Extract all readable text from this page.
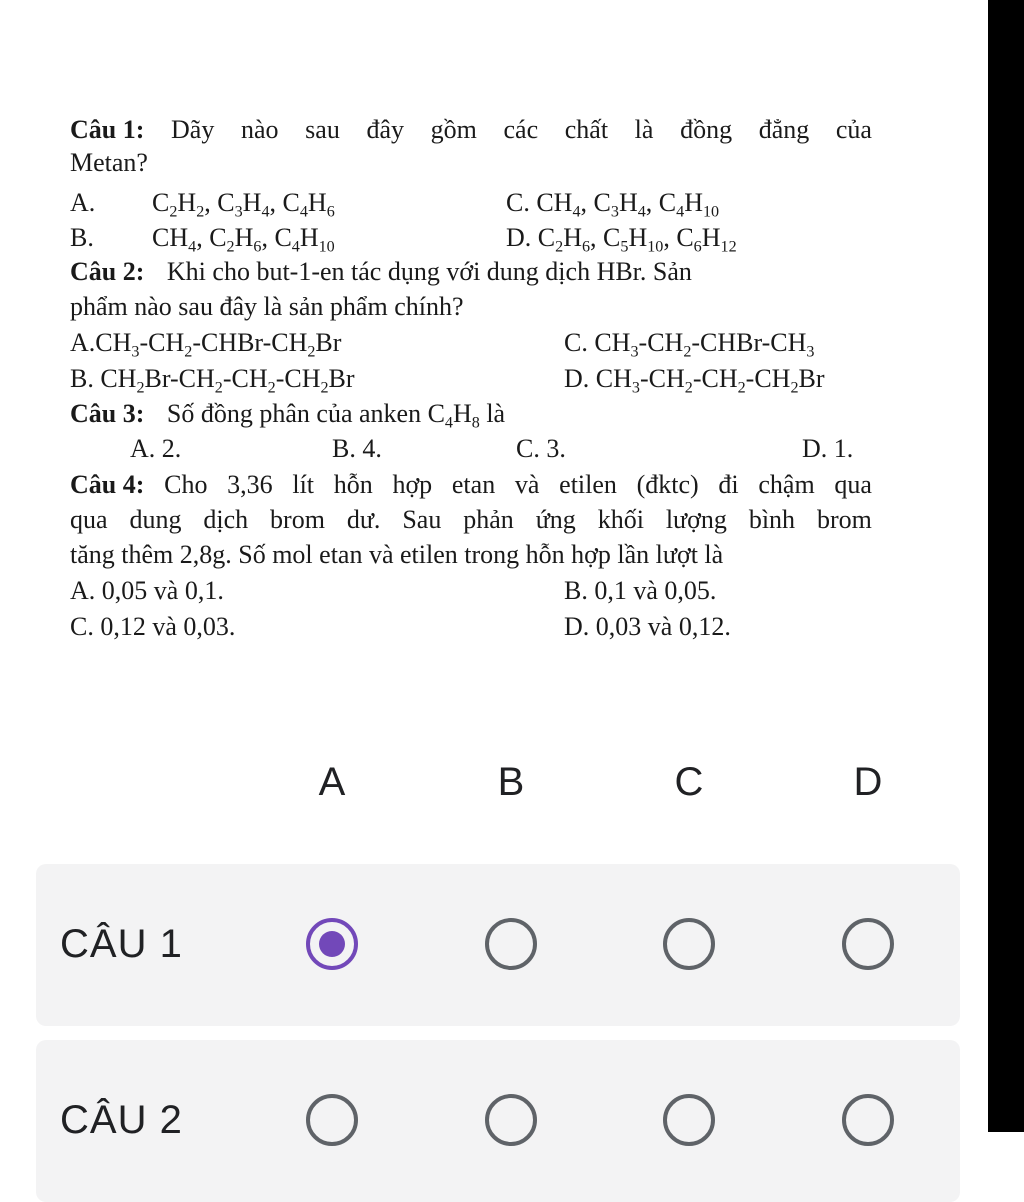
Câu 1: Dãy nào sau đây gồm các chất là đồng đẳng của
Metan?
A. $C_2H_2$, $C_3H_4$, $C_4H_6$	C. $CH_4$, $C_3H_4$, $C_4H_{10}$
B. $CH_4$, $C_2H_6$, $C_4H_{10}$	D. $C_2H_6$, $C_5H_{10}$, $C_6H_{12}$
Câu 2: Khi cho but-1-en tác dụng với dung dịch HBr. Sản
phẩm nào sau đây là sản phẩm chính?
$A.CH_3-CH_2-CHBr-CH_2Br$	C. $CH_3-CH_2-CHBr-CH_3$
B. $CH_2Br-CH_2-CH_2-CH_2Br$	D. $CH_3-CH_2-CH_2-CH_2Br$
Câu 3: Số đồng phân của anken $C_4H_8$ là
A. 2.	B. 4.	C. 3.	D. 1.
Câu 4: Cho 3,36 lít hỗn hợp etan và etilen (đktc) đi chậm qua
qua dung dịch brom dư. Sau phản ứng khối lượng bình brom
tăng thêm 2,8g. Số mol etan và etilen trong hỗn hợp lần lượt là
A. 0,05 và 0,1.	B. 0,1 và 0,05.
C. 0,12 và 0,03.	D. 0,03 và 0,12.
A	B	C	D
CÂU 1
CÂU 2
